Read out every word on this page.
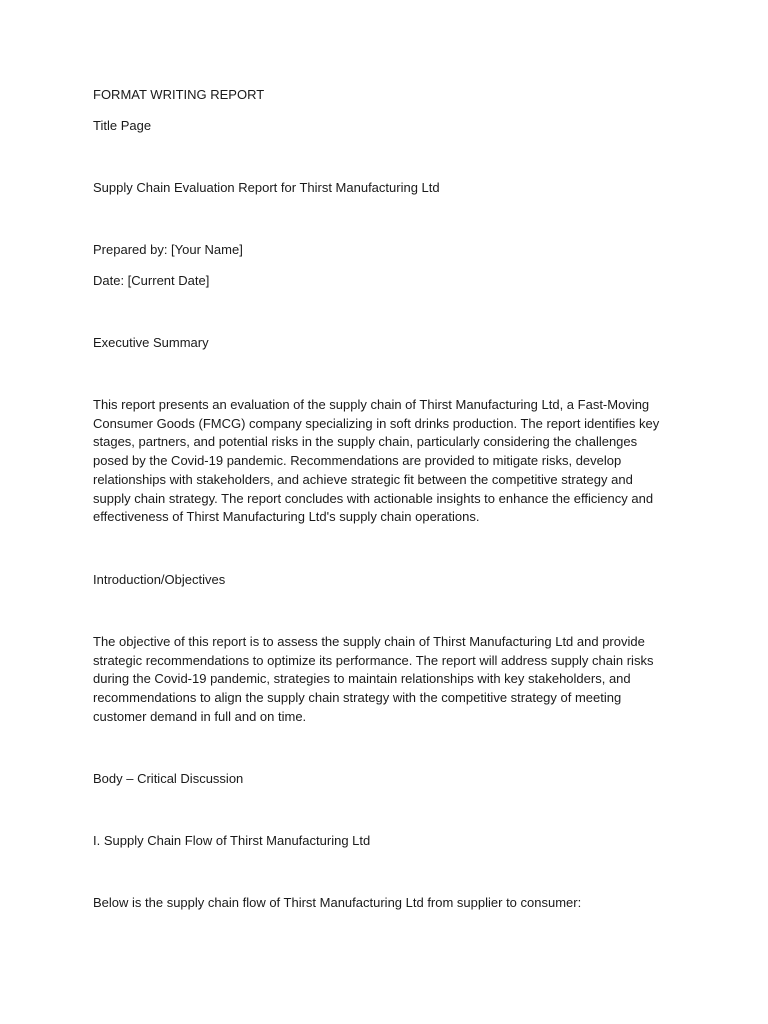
FORMAT WRITING REPORT

Title Page

Supply Chain Evaluation Report for Thirst Manufacturing Ltd

Prepared by: [Your Name]

Date: [Current Date]

Executive Summary

This report presents an evaluation of the supply chain of Thirst Manufacturing Ltd, a Fast-Moving
Consumer Goods (FMCG) company specializing in soft drinks production. The report identifies key
stages, partners, and potential risks in the supply chain, particularly considering the challenges
posed by the Covid-19 pandemic. Recommendations are provided to mitigate risks, develop
relationships with stakeholders, and achieve strategic fit between the competitive strategy and
supply chain strategy. The report concludes with actionable insights to enhance the efficiency and
effectiveness of Thirst Manufacturing Ltd's supply chain operations.

Introduction/Objectives

The objective of this report is to assess the supply chain of Thirst Manufacturing Ltd and provide
strategic recommendations to optimize its performance. The report will address supply chain risks
during the Covid-19 pandemic, strategies to maintain relationships with key stakeholders, and
recommendations to align the supply chain strategy with the competitive strategy of meeting
customer demand in full and on time.

Body – Critical Discussion

I. Supply Chain Flow of Thirst Manufacturing Ltd

Below is the supply chain flow of Thirst Manufacturing Ltd from supplier to consumer:
